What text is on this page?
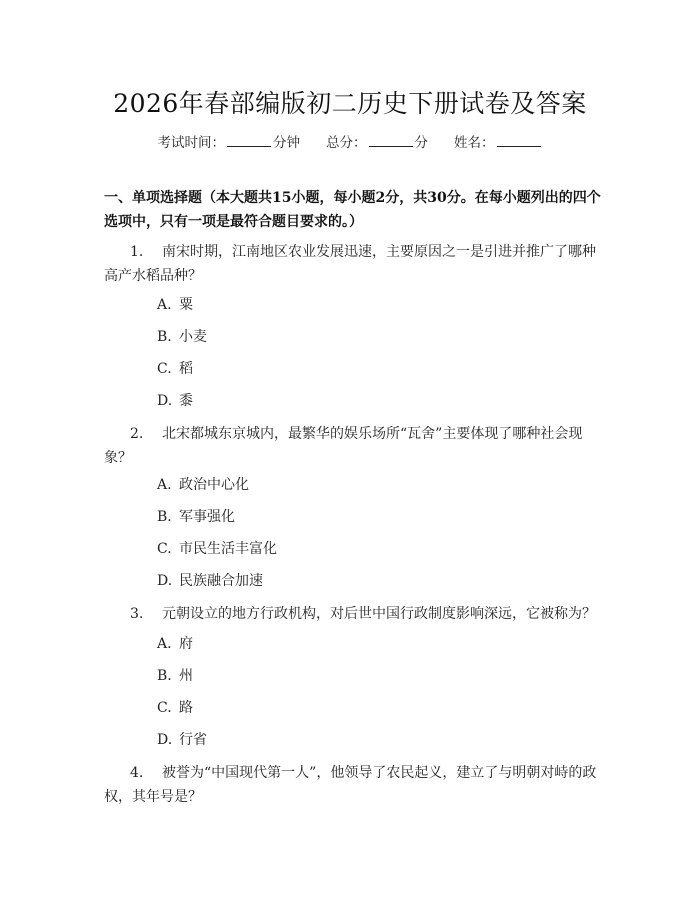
2026年春部编版初二历史下册试卷及答案
考试时间：	分钟 总分：	分 姓名：
一、单项选择题（本大题共15小题，每小题2分，共30分。在每小题列出的四个选项中，只有一项是最符合题目要求的。）
1. 南宋时期，江南地区农业发展迅速，主要原因之一是引进并推广了哪种高产水稻品种？
A. 粟
B. 小麦
C. 稻
D. 黍
2. 北宋都城东京城内，最繁华的娱乐场所“瓦舍”主要体现了哪种社会现象？
A. 政治中心化
B. 军事强化
C. 市民生活丰富化
D. 民族融合加速
3. 元朝设立的地方行政机构，对后世中国行政制度影响深远，它被称为？
A. 府
B. 州
C. 路
D. 行省
4. 被誉为“中国现代第一人”，他领导了农民起义，建立了与明朝对峙的政权，其年号是？
